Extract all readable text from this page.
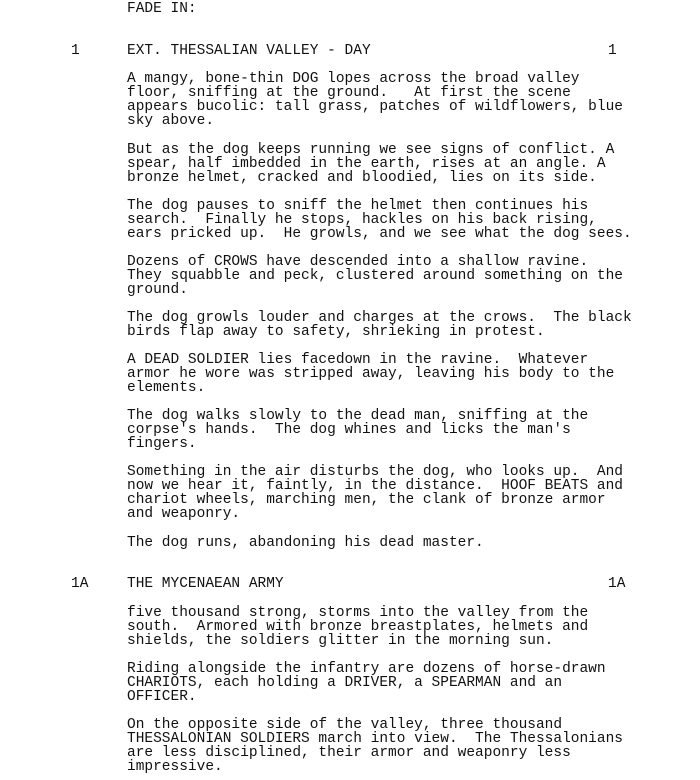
FADE IN:
1	EXT. THESSALIAN VALLEY - DAY	1
A mangy, bone-thin DOG lopes across the broad valley
floor, sniffing at the ground.   At first the scene
appears bucolic: tall grass, patches of wildflowers, blue
sky above.
But as the dog keeps running we see signs of conflict. A
spear, half imbedded in the earth, rises at an angle. A
bronze helmet, cracked and bloodied, lies on its side.
The dog pauses to sniff the helmet then continues his
search.  Finally he stops, hackles on his back rising,
ears pricked up.  He growls, and we see what the dog sees.
Dozens of CROWS have descended into a shallow ravine.
They squabble and peck, clustered around something on the
ground.
The dog growls louder and charges at the crows.  The black
birds flap away to safety, shrieking in protest.
A DEAD SOLDIER lies facedown in the ravine.  Whatever
armor he wore was stripped away, leaving his body to the
elements.
The dog walks slowly to the dead man, sniffing at the
corpse's hands.  The dog whines and licks the man's
fingers.
Something in the air disturbs the dog, who looks up.  And
now we hear it, faintly, in the distance.  HOOF BEATS and
chariot wheels, marching men, the clank of bronze armor
and weaponry.
The dog runs, abandoning his dead master.
1A	THE MYCENAEAN ARMY	1A
five thousand strong, storms into the valley from the
south.  Armored with bronze breastplates, helmets and
shields, the soldiers glitter in the morning sun.
Riding alongside the infantry are dozens of horse-drawn
CHARIOTS, each holding a DRIVER, a SPEARMAN and an
OFFICER.
On the opposite side of the valley, three thousand
THESSALONIAN SOLDIERS march into view.  The Thessalonians
are less disciplined, their armor and weaponry less
impressive.
